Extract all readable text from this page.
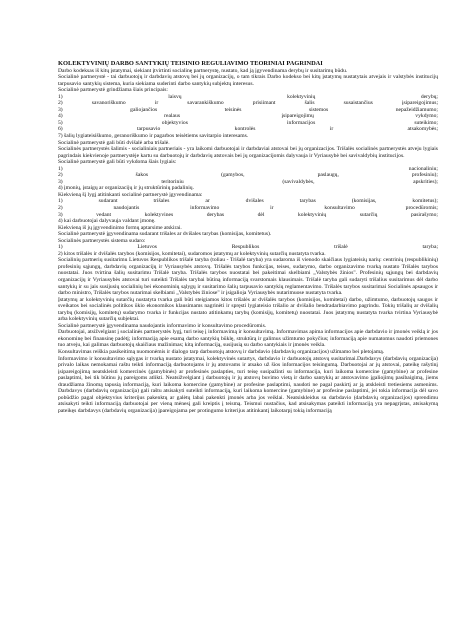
KOLEKTYVINIŲ DARBO SANTYKIŲ TEISINIO REGULIAVIMO TEORINIAI PAGRINDAI
Darbo kodeksas iš kitų įstatymai, siekiant įtvirtinti socialinę partnerystę, nustato, kad ją įgyvendinama derybų ir susitarimų būdu.
Socialinė partnerystė - tai darbuotojų ir darbdavių atstovų bei jų organizacijų, o tam tikrais Darbo kodekso bei kitų įstatymų nustatytais atvejais ir valstybės institucijų tarpusavio santykių sistema, kuria siekiama suderinti darbo santykių subjektų interesus.
Socialinė partnerystė grindžiama šiais principais:
1)	laisvų	kolektyvinių	derybų;
2)	savanoriškumo	ir	savarankiškumo	prisiimant	šalis	susaistančius	įsipareigojimus;
3)	galiojančios	teisinės	sistemos	nepažeidžiamumo;
4)	realaus	įsipareigojimų	vykdymo;
5)	objektyvios	informacijos	suteikimo;
6)	tarpusavio	kontrolės	ir	atsakomybės;
7) šalių lygiateisiškumo, geranoriškumo ir pagarbos teisėtiems savitarpio interesams.
Socialinė partnerystė gali būti dvišalė arba trišalė.
Socialinės partnerystės šalimis - socialiniais partneriais - yra laikomi darbuotojai ir darbdaviai atstovai bei jų organizacijos. Trišalės socialinės partnerystės atveju lygiais pagrindais kiekvienoje partnerystėje kartu su darbuotojų ir darbdavių atstovais bei jų organizacijomis dalyvauja ir Vyriausybė bei savivaldybių institucijos.
Socialinė partnerystė gali būti vykdoma šiais lygiais:
1)	nacionaliniu;
2)	šakos	(gamybos,	paslaugų,	profesiniu);
3)	teritoriniu	(savivaldybės,	apskrities);
4) įmonių, įstaigų ar organizacijų ir jų struktūrinių padalinių.
Kiekvieną šį lygį atitinkanti socialinė partnerystė įgyvendinama:
1)	sudarant	trišales	ar	dvišales	tarybas	(komisijas,	komitetus);
2)	naudojantis	informavimo	ir	konsultavimo	procedūromis;
3)	vedant	kolektyvines	derybas	dėl	kolektyvinių	sutarčių	pasirašymo;
4) kai darbuotojai dalyvauja valdant įmonę.
Kiekvieną iš jų įgyvendinimo formų aptarsime atskirai.
Socialinė partnerystė įgyvendinama sudarant trišales ar dvišales tarybas (komisijas, komitetus).
Socialinės partnerystės sistema sudaro:
1)	Lietuvos	Respublikos	trišalė	taryba;
2) kitos trišalės ir dvišalės tarybos (komisijos, komitetai), sudaromos įstatymų ar kolektyvinių sutarčių nustatyta tvarka.
Socialinių partnerių susitarimu Lietuvos Respublikos trišalė taryba (toliau - Trišalė taryba) yra sudaroma iš vienodo skaičiaus lygiateisių narių: centrinių (respublikinių) profesinių sąjungų, darbdavių organizacijų ir Vyriausybės atstovų. Trišalės tarybos funkcijas, teises, sudarymo, darbo organizavimo tvarką nustato Trišalės tarybos nuostatai. Juos tvirtina šalių susitarimu Trišalė taryba. Trišalės tarybos nuostatai bei pakeitimai skelbiami „Valstybės žinios". Profesinių sąjungų bei darbdavių organizacijų ir Vyriausybės atstovai turi suteikti Trišalės tarybai būtiną informaciją svarstomais klausimais. Trišalė taryba gali sudaryti trišalius susitarimus dėl darbo santykių ir su jais susijusių socialinių bei ekonominių sąlygų ir susitarimo šalių tarpusavio santykių reglamentavimo. Trišalės tarybos susitarimai Socialinės apsaugos ir darbo ministro, Trišalės tarybos nutarimai skelbiami „Valstybės žiniose" ir įsigalioja Vyriausybės nutarimuose nustatyta tvarka.
Įstatymų ar kolektyvinių sutarčių nustatyta tvarka gali būti steigiamos kitos trišalės ar dvišalės tarybos (komisijos, komitetai) darbo, užimtumo, darbuotojų saugos ir sveikatos bei socialinės politikos ūkio ekonomikos klausimams nagrinėti ir spręsti lygiateisio trišalio ar dvišalio bendradarbiavimo pagrindu. Tokių trišalių ar dvišalių tarybų (komisijų, komitetų) sudarymo tvarka ir funkcijas nustato atitinkamų tarybų (komisijų, komitetų) nuostatai. Juos įstatymų nustatyta tvarka tvirtina Vyriausybė arba kolektyvinių sutarčių subjektai.
Socialinė partnerystė įgyvendinama naudojantis informavimo ir konsultavimo procedūromis.
Darbuotojai, atsižvelgiant į socialinės partnerystės lygį, turi teisę į informavimą ir konsultavimą. Informavimas apima informacijos apie darbdavio ir įmonės veiklą ir jos ekonominę bei finansinę padėtį; informaciją apie esamą darbo santykių būklę, struktūrą ir galimus užimtumo pokyčius; informaciją apie numatomus naudoti priemones tuo atveju, kai galimas darbuotojų skaičiaus mažinimas; kitą informaciją, susijusią su darbo santykiais ir įmonės veikla.
Konsultavimas reiškia pasikeitimą nuomonėmis ir dialogo tarp darbuotojų atstovų ir darbdavio (darbdavių organizacijos) užimamo bei pletojamą.
Informavimo ir konsultavimo sąlygas ir tvarką nustato įstatymai, kolektyvinės sutartys, darbdavio ir darbuotojų atstovų susitarimai.Darbdavys (darbdavių organizacija) privalo laikas nemokamai raštu teikti informaciją darbuotojams ir jų atstovams ir atsako už šios informacijos teisingumą. Darbuotojai ar jų atstovai, pateikę rašytinį įsipareigojimą neatskleisti komercinės (gamybinės) ar profesinės paslapties, turi teisę susipažinti su informacija, kuri laikoma komercine (gamybine) ar profesine paslaptimi, bei tik būtinu jų pareigoms atlikti. Neatsižvelgiant į darbuotojų ir jų atstovų buvimo vietą ir darbo santykių ar atstovavimo įgaliojimų pasibaigimą, jiems draudžiama žinomą tapusią informaciją, kuri laikoma komercine (gamybine) ar profesine paslaptimi, naudoti ne pagal paskirtį ar ją atskleisti tretiesiems asmenims. Darbdavys (darbdavių organizacija) gali raštu atsisakyti suteikti informaciją, kuri laikoma komercine (gamybine) ar profesine paslaptimi, jei tokia informacija dėl savo pobūdžio pagal objektyvius kriterijus pakenktų ar galėtų labai pakenkti įmonės arba jos veiklai. Neatsiskleidus su darbdavio (darbdavių organizacijos) sprendimu atsisakyti teikti informaciją darbuotojai per vieną mėnesį gali kreiptis į teismą. Teismui nustačius, kad atsisakymas pateikti informaciją yra nepagrįstas, atsisakymą pateikęs darbdavys (darbdavių organizacija) įpareigojama per protingumo kriterijus atitinkantį laikotarpį tokią informaciją
